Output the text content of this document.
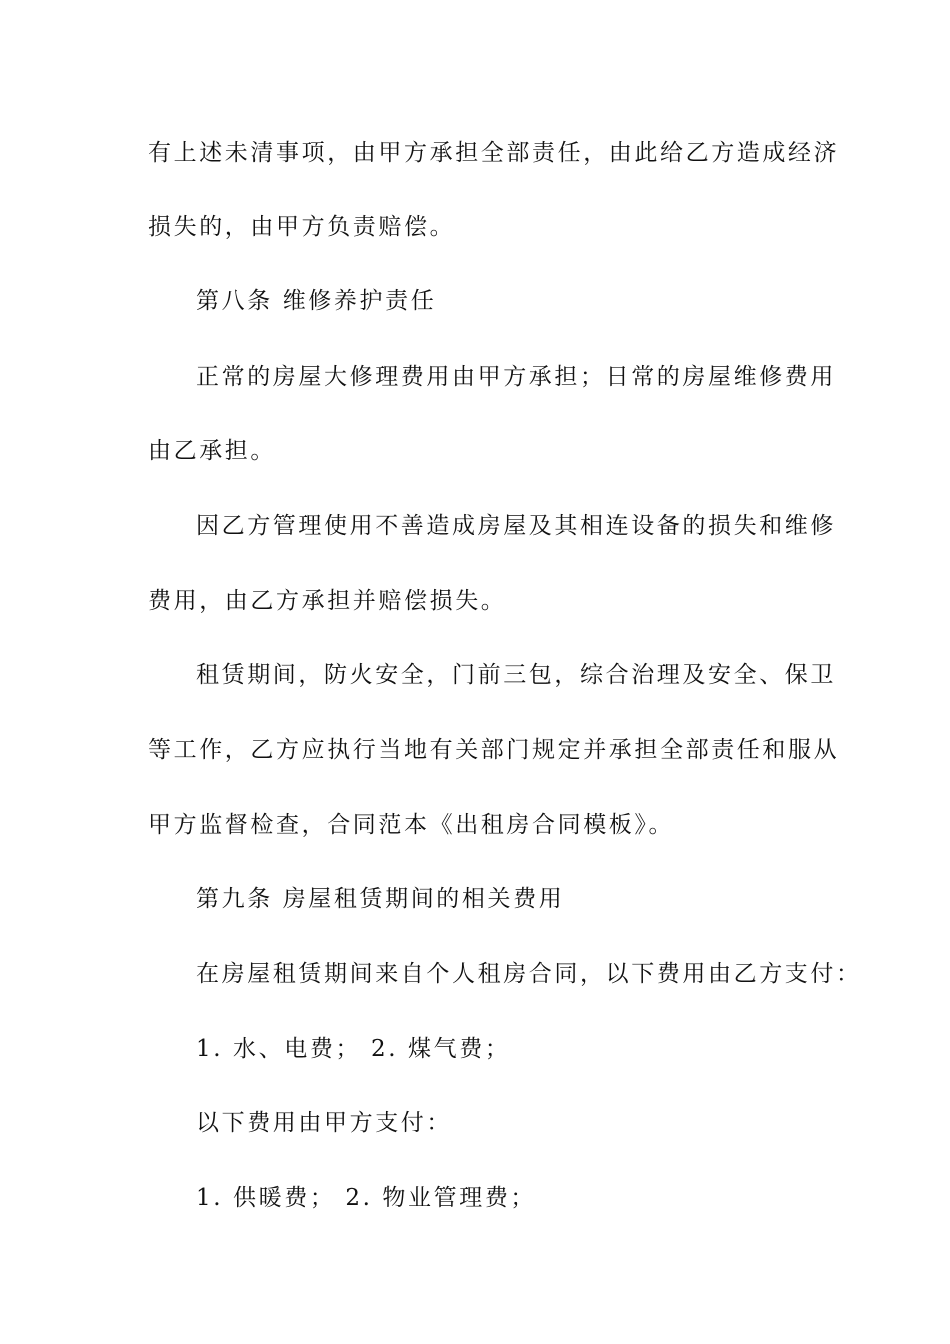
有上述未清事项，由甲方承担全部责任，由此给乙方造成经济
损失的，由甲方负责赔偿。
第八条 维修养护责任
正常的房屋大修理费用由甲方承担；日常的房屋维修费用
由乙承担。
因乙方管理使用不善造成房屋及其相连设备的损失和维修
费用，由乙方承担并赔偿损失。
租赁期间，防火安全，门前三包，综合治理及安全、保卫
等工作，乙方应执行当地有关部门规定并承担全部责任和服从
甲方监督检查，合同范本《出租房合同模板》。
第九条 房屋租赁期间的相关费用
在房屋租赁期间来自个人租房合同，以下费用由乙方支付：
1. 水、电费； 2. 煤气费；
以下费用由甲方支付：
1. 供暖费； 2. 物业管理费；
